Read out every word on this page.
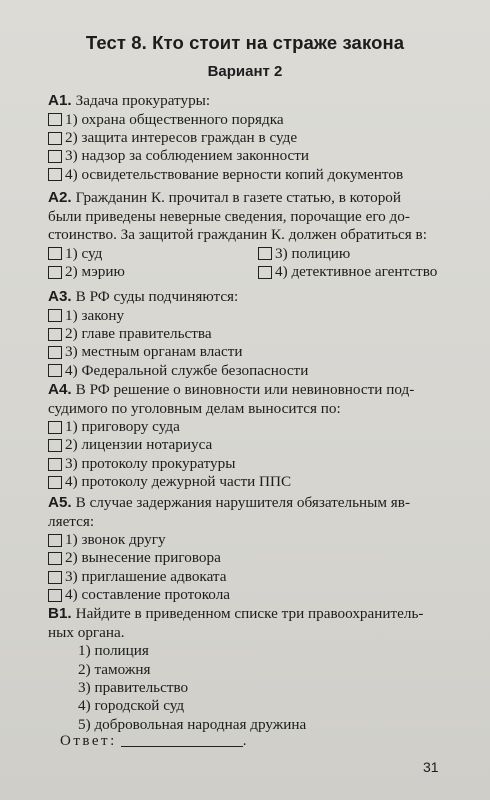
Тест 8. Кто стоит на страже закона
Вариант 2
А1. Задача прокуратуры:
1) охрана общественного порядка
2) защита интересов граждан в суде
3) надзор за соблюдением законности
4) освидетельствование верности копий документов
А2. Гражданин К. прочитал в газете статью, в которой
были приведены неверные сведения, порочащие его до-
стоинство. За защитой гражданин К. должен обратиться в:
1) суд
2) мэрию
3) полицию
4) детективное агентство
А3. В РФ суды подчиняются:
1) закону
2) главе правительства
3) местным органам власти
4) Федеральной службе безопасности
А4. В РФ решение о виновности или невиновности под-
судимого по уголовным делам выносится по:
1) приговору суда
2) лицензии нотариуса
3) протоколу прокуратуры
4) протоколу дежурной части ППС
А5. В случае задержания нарушителя обязательным яв-
ляется:
1) звонок другу
2) вынесение приговора
3) приглашение адвоката
4) составление протокола
В1. Найдите в приведенном списке три правоохранитель-
ных органа.
1) полиция
2) таможня
3) правительство
4) городской суд
5) добровольная народная дружина
Ответ:	.
31
